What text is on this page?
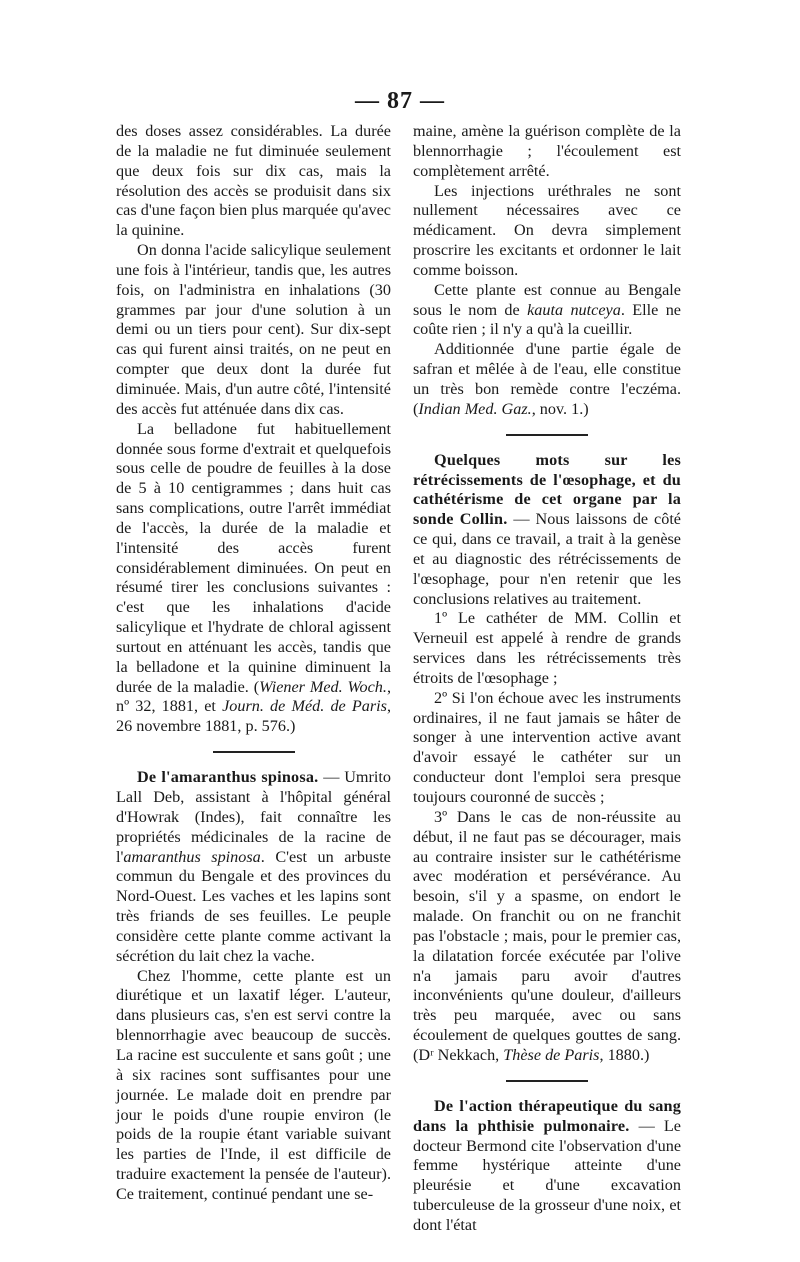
— 87 —

des doses assez considérables. La durée de la maladie ne fut diminuée seulement que deux fois sur dix cas, mais la résolution des accès se produisit dans six cas d'une façon bien plus marquée qu'avec la quinine.

On donna l'acide salicylique seulement une fois à l'intérieur, tandis que, les autres fois, on l'administra en inhalations (30 grammes par jour d'une solution à un demi ou un tiers pour cent). Sur dix-sept cas qui furent ainsi traités, on ne peut en compter que deux dont la durée fut diminuée. Mais, d'un autre côté, l'intensité des accès fut atténuée dans dix cas.

La belladone fut habituellement donnée sous forme d'extrait et quelquefois sous celle de poudre de feuilles à la dose de 5 à 10 centigrammes ; dans huit cas sans complications, outre l'arrêt immédiat de l'accès, la durée de la maladie et l'intensité des accès furent considérablement diminuées. On peut en résumé tirer les conclusions suivantes : c'est que les inhalations d'acide salicylique et l'hydrate de chloral agissent surtout en atténuant les accès, tandis que la belladone et la quinine diminuent la durée de la maladie. (Wiener Med. Woch., nº 32, 1881, et Journ. de Méd. de Paris, 26 novembre 1881, p. 576.)

De l'amaranthus spinosa. — Umrito Lall Deb, assistant à l'hôpital général d'Howrak (Indes), fait connaître les propriétés médicinales de la racine de l'amaranthus spinosa. C'est un arbuste commun du Bengale et des provinces du Nord-Ouest. Les vaches et les lapins sont très friands de ses feuilles. Le peuple considère cette plante comme activant la sécrétion du lait chez la vache.

Chez l'homme, cette plante est un diurétique et un laxatif léger. L'auteur, dans plusieurs cas, s'en est servi contre la blennorrhagie avec beaucoup de succès. La racine est succulente et sans goût ; une à six racines sont suffisantes pour une journée. Le malade doit en prendre par jour le poids d'une roupie environ (le poids de la roupie étant variable suivant les parties de l'Inde, il est difficile de traduire exactement la pensée de l'auteur). Ce traitement, continué pendant une se-

maine, amène la guérison complète de la blennorrhagie ; l'écoulement est complètement arrêté.

Les injections uréthrales ne sont nullement nécessaires avec ce médicament. On devra simplement proscrire les excitants et ordonner le lait comme boisson.

Cette plante est connue au Bengale sous le nom de kauta nutceya. Elle ne coûte rien ; il n'y a qu'à la cueillir.

Additionnée d'une partie égale de safran et mêlée à de l'eau, elle constitue un très bon remède contre l'eczéma. (Indian Med. Gaz., nov. 1.)

Quelques mots sur les rétrécissements de l'œsophage, et du cathétérisme de cet organe par la sonde Collin. — Nous laissons de côté ce qui, dans ce travail, a trait à la genèse et au diagnostic des rétrécissements de l'œsophage, pour n'en retenir que les conclusions relatives au traitement.

1º Le cathéter de MM. Collin et Verneuil est appelé à rendre de grands services dans les rétrécissements très étroits de l'œsophage ;

2º Si l'on échoue avec les instruments ordinaires, il ne faut jamais se hâter de songer à une intervention active avant d'avoir essayé le cathéter sur un conducteur dont l'emploi sera presque toujours couronné de succès ;

3º Dans le cas de non-réussite au début, il ne faut pas se décourager, mais au contraire insister sur le cathétérisme avec modération et persévérance. Au besoin, s'il y a spasme, on endort le malade. On franchit ou on ne franchit pas l'obstacle ; mais, pour le premier cas, la dilatation forcée exécutée par l'olive n'a jamais paru avoir d'autres inconvénients qu'une douleur, d'ailleurs très peu marquée, avec ou sans écoulement de quelques gouttes de sang. (Dʳ Nekkach, Thèse de Paris, 1880.)

De l'action thérapeutique du sang dans la phthisie pulmonaire. — Le docteur Bermond cite l'observation d'une femme hystérique atteinte d'une pleurésie et d'une excavation tuberculeuse de la grosseur d'une noix, et dont l'état
